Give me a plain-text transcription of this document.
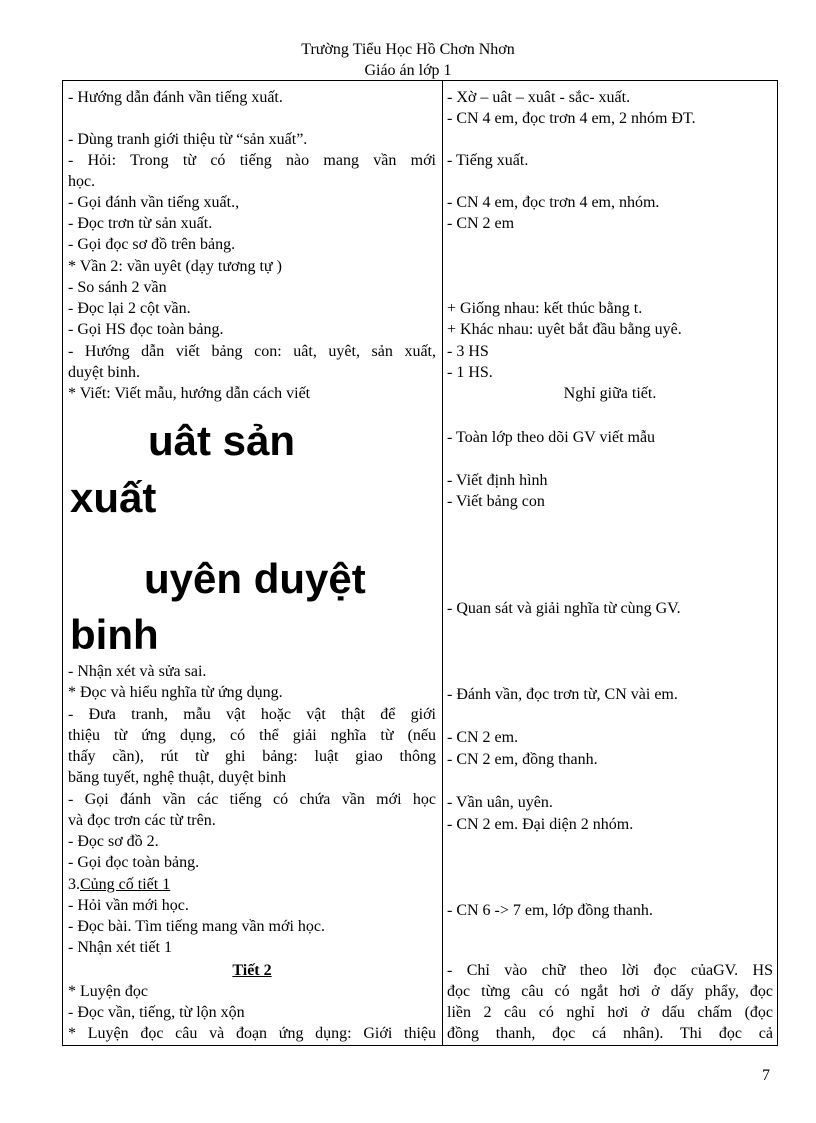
Trường Tiểu Học Hồ Chơn Nhơn
Giáo án lớp 1
- Hướng dẫn đánh vần tiếng xuất.
- Dùng tranh giới thiệu từ “sản xuất”.
- Hỏi: Trong từ có tiếng nào mang vần mới
học.
- Gọi đánh vần tiếng xuất.,
- Đọc trơn từ sản xuất.
- Gọi đọc sơ đồ trên bảng.
* Vần 2: vần uyêt (dạy tương tự )
- So sánh 2 vần
- Đọc lại 2 cột vần.
- Gọi HS đọc toàn bảng.
- Hướng dẫn viết bảng con: uât, uyêt, sản xuất,
duyệt binh.
* Viết: Viết mẫu, hướng dẫn cách viết
uât sản
xuất
uyên duyệt
binh
- Nhận xét và sửa sai.
* Đọc và hiểu nghĩa từ ứng dụng.
- Đưa tranh, mẫu vật hoặc vật thật để giới
thiệu từ ứng dụng, có thể giải nghĩa từ (nếu
thấy cần), rút từ ghi bảng: luật giao thông
băng tuyết, nghệ thuật, duyệt binh
- Gọi đánh vần các tiếng có chứa vần mới học
và đọc trơn các từ trên.
- Đọc sơ đồ 2.
- Gọi đọc toàn bảng.
3.Củng cố tiết 1
- Hỏi vần mới học.
- Đọc bài. Tìm tiếng mang vần mới học.
- Nhận xét tiết 1
Tiết 2
* Luyện đọc
- Đọc vần, tiếng, từ lộn xộn
* Luyện đọc câu và đoạn ứng dụng: Giới thiệu
- Xờ – uât – xuât - sắc- xuất.
- CN 4 em, đọc trơn 4 em, 2 nhóm ĐT.
- Tiếng xuất.
- CN 4 em, đọc trơn 4 em, nhóm.
- CN 2 em
+ Giống nhau: kết thúc bằng t.
+ Khác nhau: uyêt bắt đầu bằng uyê.
- 3 HS
- 1 HS.
Nghỉ giữa tiết.
- Toàn lớp theo dõi GV viết mẫu
- Viết định hình
- Viết bảng con
- Quan sát và giải nghĩa từ cùng GV.
- Đánh vần, đọc trơn từ, CN vài em.
- CN 2 em.
- CN 2 em, đồng thanh.
- Vần uân, uyên.
- CN 2 em. Đại diện 2 nhóm.
- CN 6 -> 7 em, lớp đồng thanh.
- Chỉ vào chữ theo lời đọc củaGV. HS
đọc từng câu có ngắt hơi ở dấy phẩy, đọc
liền 2 câu có nghỉ hơi ở dấu chấm (đọc
đồng thanh, đọc cá nhân). Thi đọc cả
7
